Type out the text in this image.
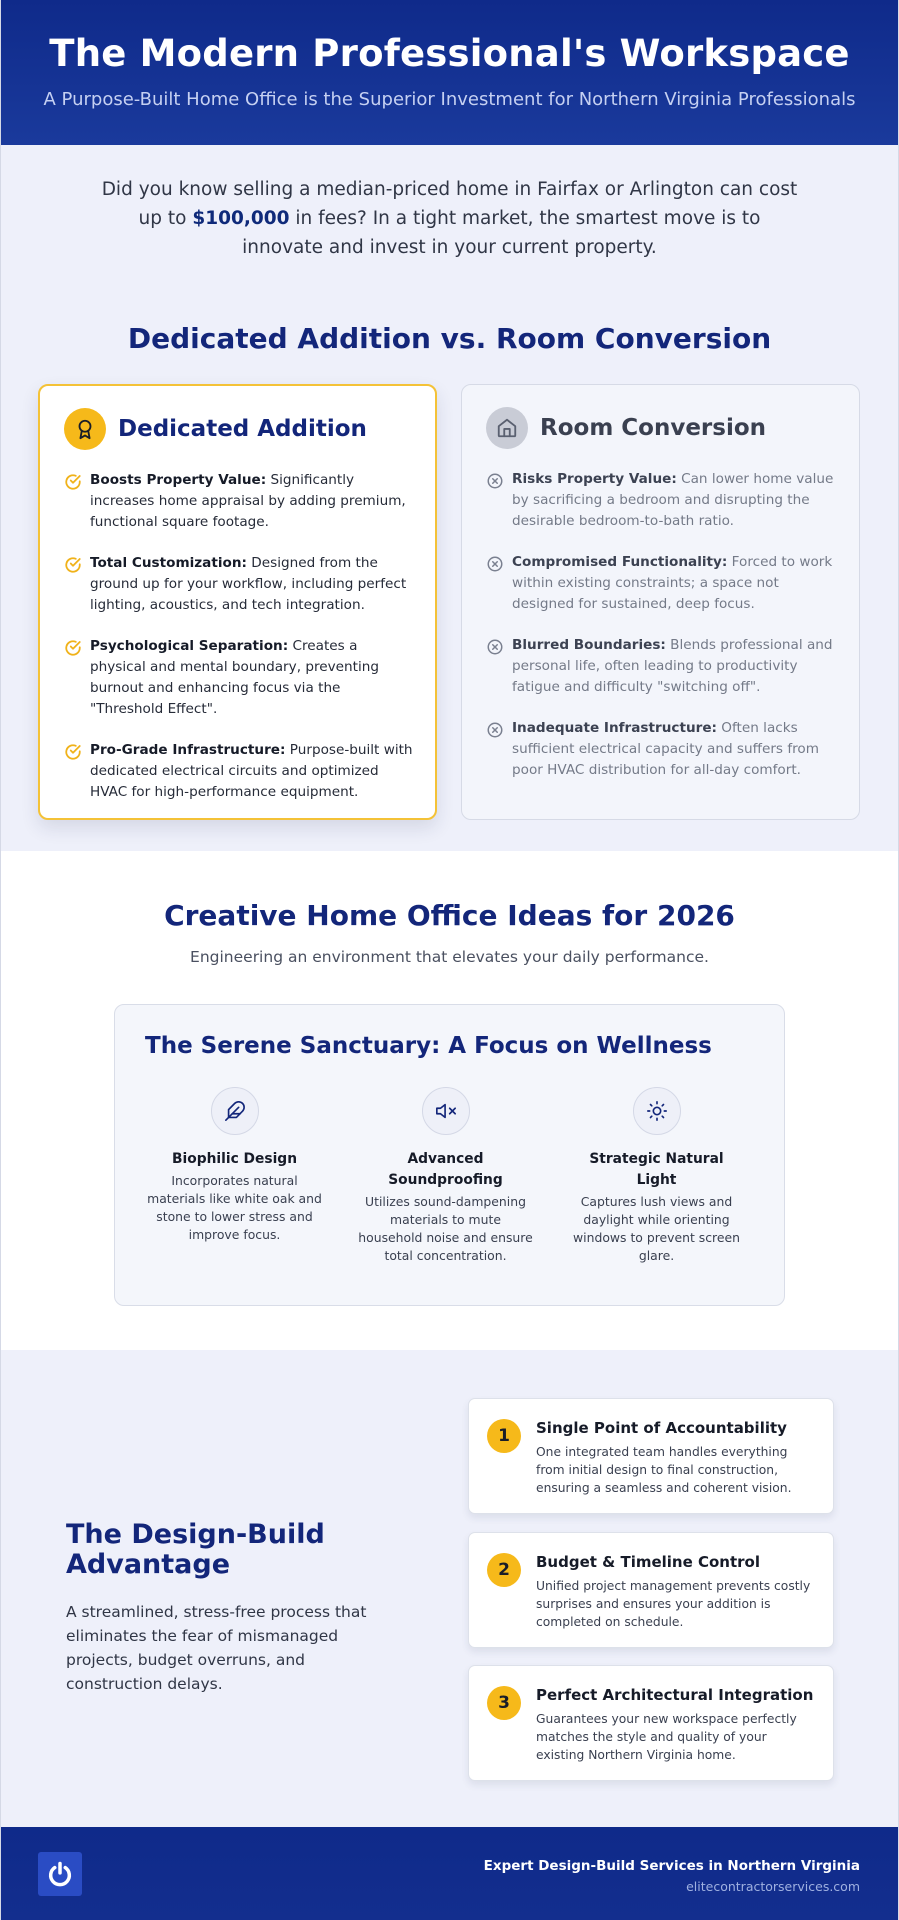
The Modern Professional's Workspace

A Purpose-Built Home Office is the Superior Investment for Northern Virginia Professionals

Did you know selling a median-priced home in Fairfax or Arlington can cost up to $100,000 in fees? In a tight market, the smartest move is to innovate and invest in your current property.

Dedicated Addition vs. Room Conversion
Dedicated Addition
Boosts Property Value: Significantly increases home appraisal by adding premium, functional square footage.
Total Customization: Designed from the ground up for your workflow, including perfect lighting, acoustics, and tech integration.
Psychological Separation: Creates a physical and mental boundary, preventing burnout and enhancing focus via the "Threshold Effect".
Pro-Grade Infrastructure: Purpose-built with dedicated electrical circuits and optimized HVAC for high-performance equipment.
Room Conversion
Risks Property Value: Can lower home value by sacrificing a bedroom and disrupting the desirable bedroom-to-bath ratio.
Compromised Functionality: Forced to work within existing constraints; a space not designed for sustained, deep focus.
Blurred Boundaries: Blends professional and personal life, often leading to productivity fatigue and difficulty "switching off".
Inadequate Infrastructure: Often lacks sufficient electrical capacity and suffers from poor HVAC distribution for all-day comfort.
Creative Home Office Ideas for 2026

Engineering an environment that elevates your daily performance.

The Serene Sanctuary: A Focus on Wellness
Biophilic Design
Incorporates natural materials like white oak and stone to lower stress and improve focus.
Advanced Soundproofing
Utilizes sound-dampening materials to mute household noise and ensure total concentration.
Strategic Natural Light
Captures lush views and daylight while orienting windows to prevent screen glare.
The Design-Build Advantage

A streamlined, stress-free process that eliminates the fear of mismanaged projects, budget overruns, and construction delays.

1	Single Point of Accountability
One integrated team handles everything from initial design to final construction, ensuring a seamless and coherent vision.
2	Budget & Timeline Control
Unified project management prevents costly surprises and ensures your addition is completed on schedule.
3	Perfect Architectural Integration
Guarantees your new workspace perfectly matches the style and quality of your existing Northern Virginia home.
Expert Design-Build Services in Northern Virginia
elitecontractorservices.com
